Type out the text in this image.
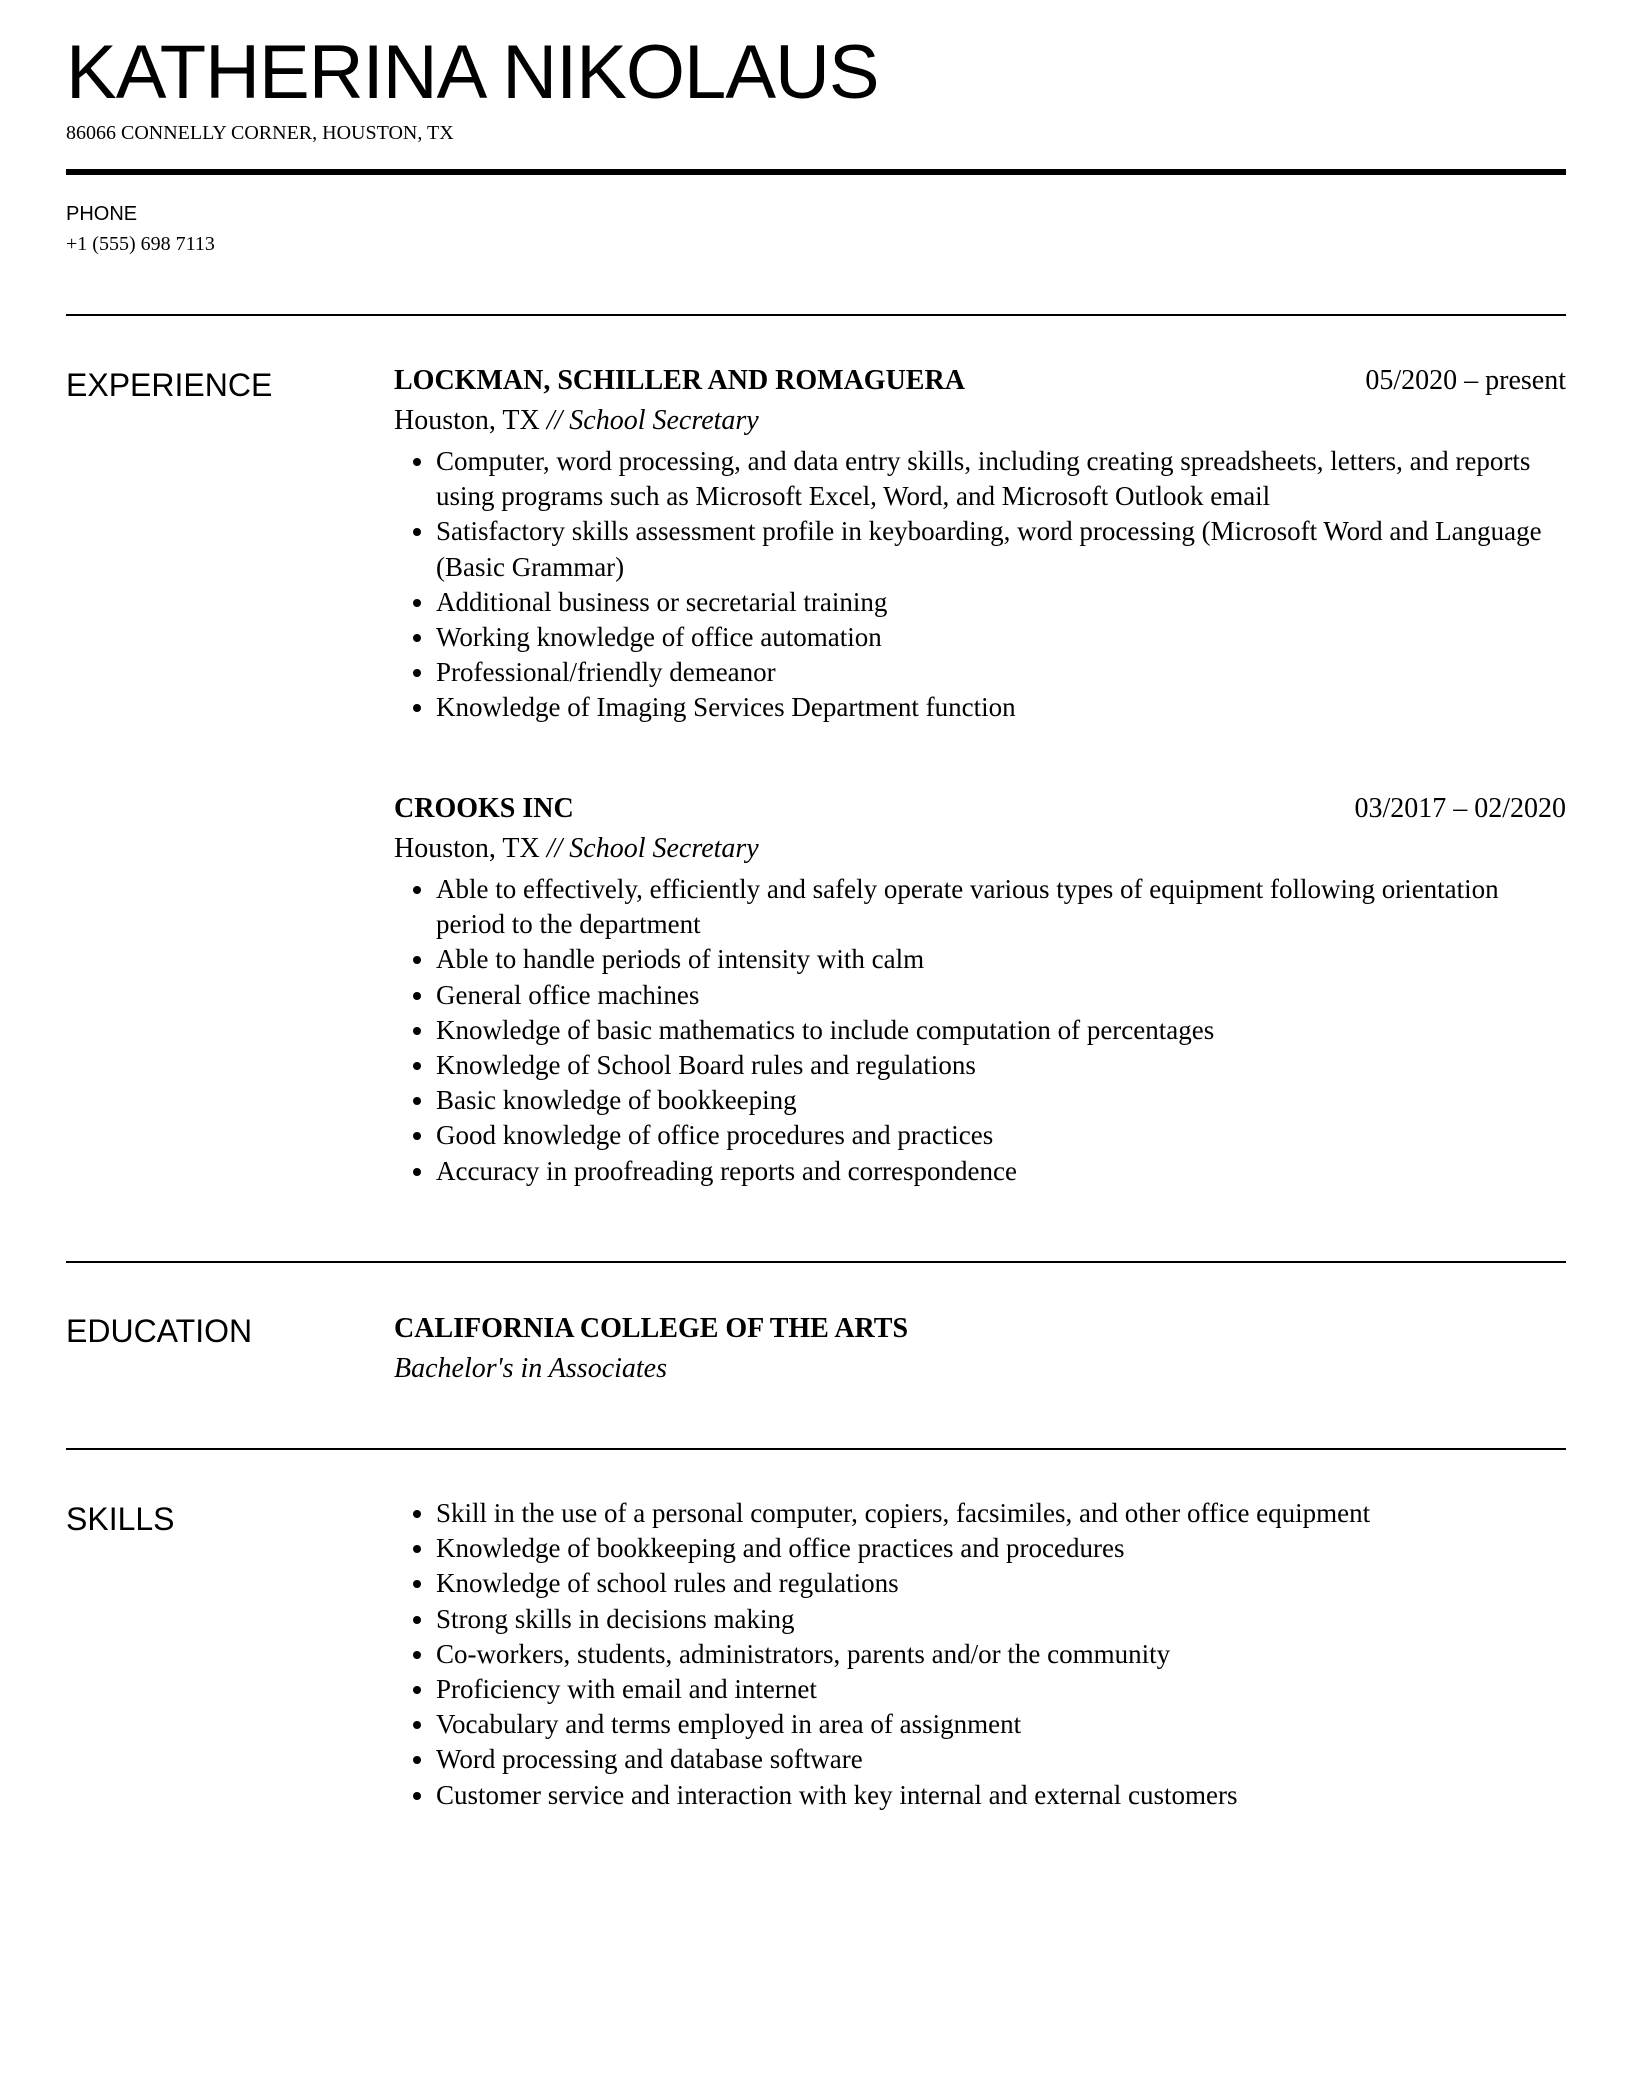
KATHERINA NIKOLAUS
86066 CONNELLY CORNER, HOUSTON, TX
PHONE
+1 (555) 698 7113
EXPERIENCE	LOCKMAN, SCHILLER AND ROMAGUERA	05/2020 – present
Houston, TX // School Secretary
• Computer, word processing, and data entry skills, including creating spreadsheets, letters, and reports using programs such as Microsoft Excel, Word, and Microsoft Outlook email
• Satisfactory skills assessment profile in keyboarding, word processing (Microsoft Word and Language (Basic Grammar)
• Additional business or secretarial training
• Working knowledge of office automation
• Professional/friendly demeanor
• Knowledge of Imaging Services Department function
CROOKS INC	03/2017 – 02/2020
Houston, TX // School Secretary
• Able to effectively, efficiently and safely operate various types of equipment following orientation period to the department
• Able to handle periods of intensity with calm
• General office machines
• Knowledge of basic mathematics to include computation of percentages
• Knowledge of School Board rules and regulations
• Basic knowledge of bookkeeping
• Good knowledge of office procedures and practices
• Accuracy in proofreading reports and correspondence
EDUCATION	CALIFORNIA COLLEGE OF THE ARTS
Bachelor's in Associates
SKILLS
•	Skill in the use of a personal computer, copiers, facsimiles, and other office equipment
• Knowledge of bookkeeping and office practices and procedures
• Knowledge of school rules and regulations
• Strong skills in decisions making
• Co-workers, students, administrators, parents and/or the community
• Proficiency with email and internet
• Vocabulary and terms employed in area of assignment
• Word processing and database software
• Customer service and interaction with key internal and external customers
